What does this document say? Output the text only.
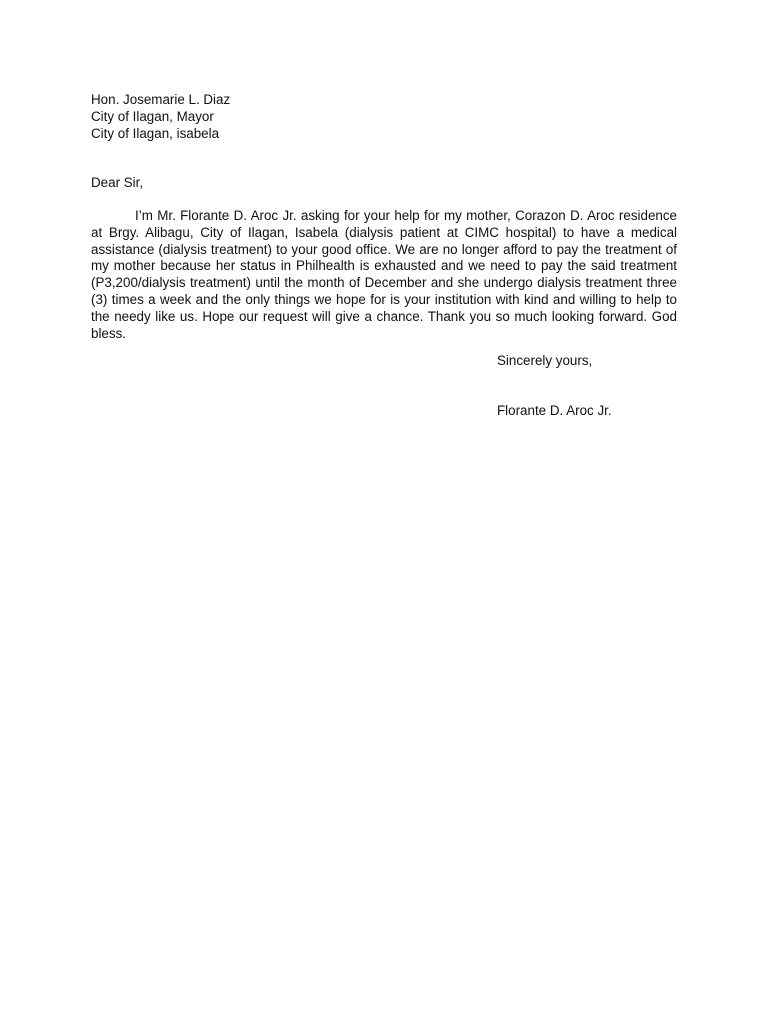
Hon. Josemarie L. Diaz
City of Ilagan, Mayor
City of Ilagan, isabela
Dear Sir,

I’m Mr. Florante D. Aroc Jr. asking for your help for my mother, Corazon D. Aroc residence at Brgy. Alibagu, City of Ilagan, Isabela (dialysis patient at CIMC hospital) to have a medical assistance (dialysis treatment) to your good office. We are no longer afford to pay the treatment of my mother because her status in Philhealth is exhausted and we need to pay the said treatment (P3,200/dialysis treatment) until the month of December and she undergo dialysis treatment three (3) times a week and the only things we hope for is your institution with kind and willing to help to the needy like us. Hope our request will give a chance. Thank you so much looking forward. God bless.

Sincerely yours,
Florante D. Aroc Jr.
